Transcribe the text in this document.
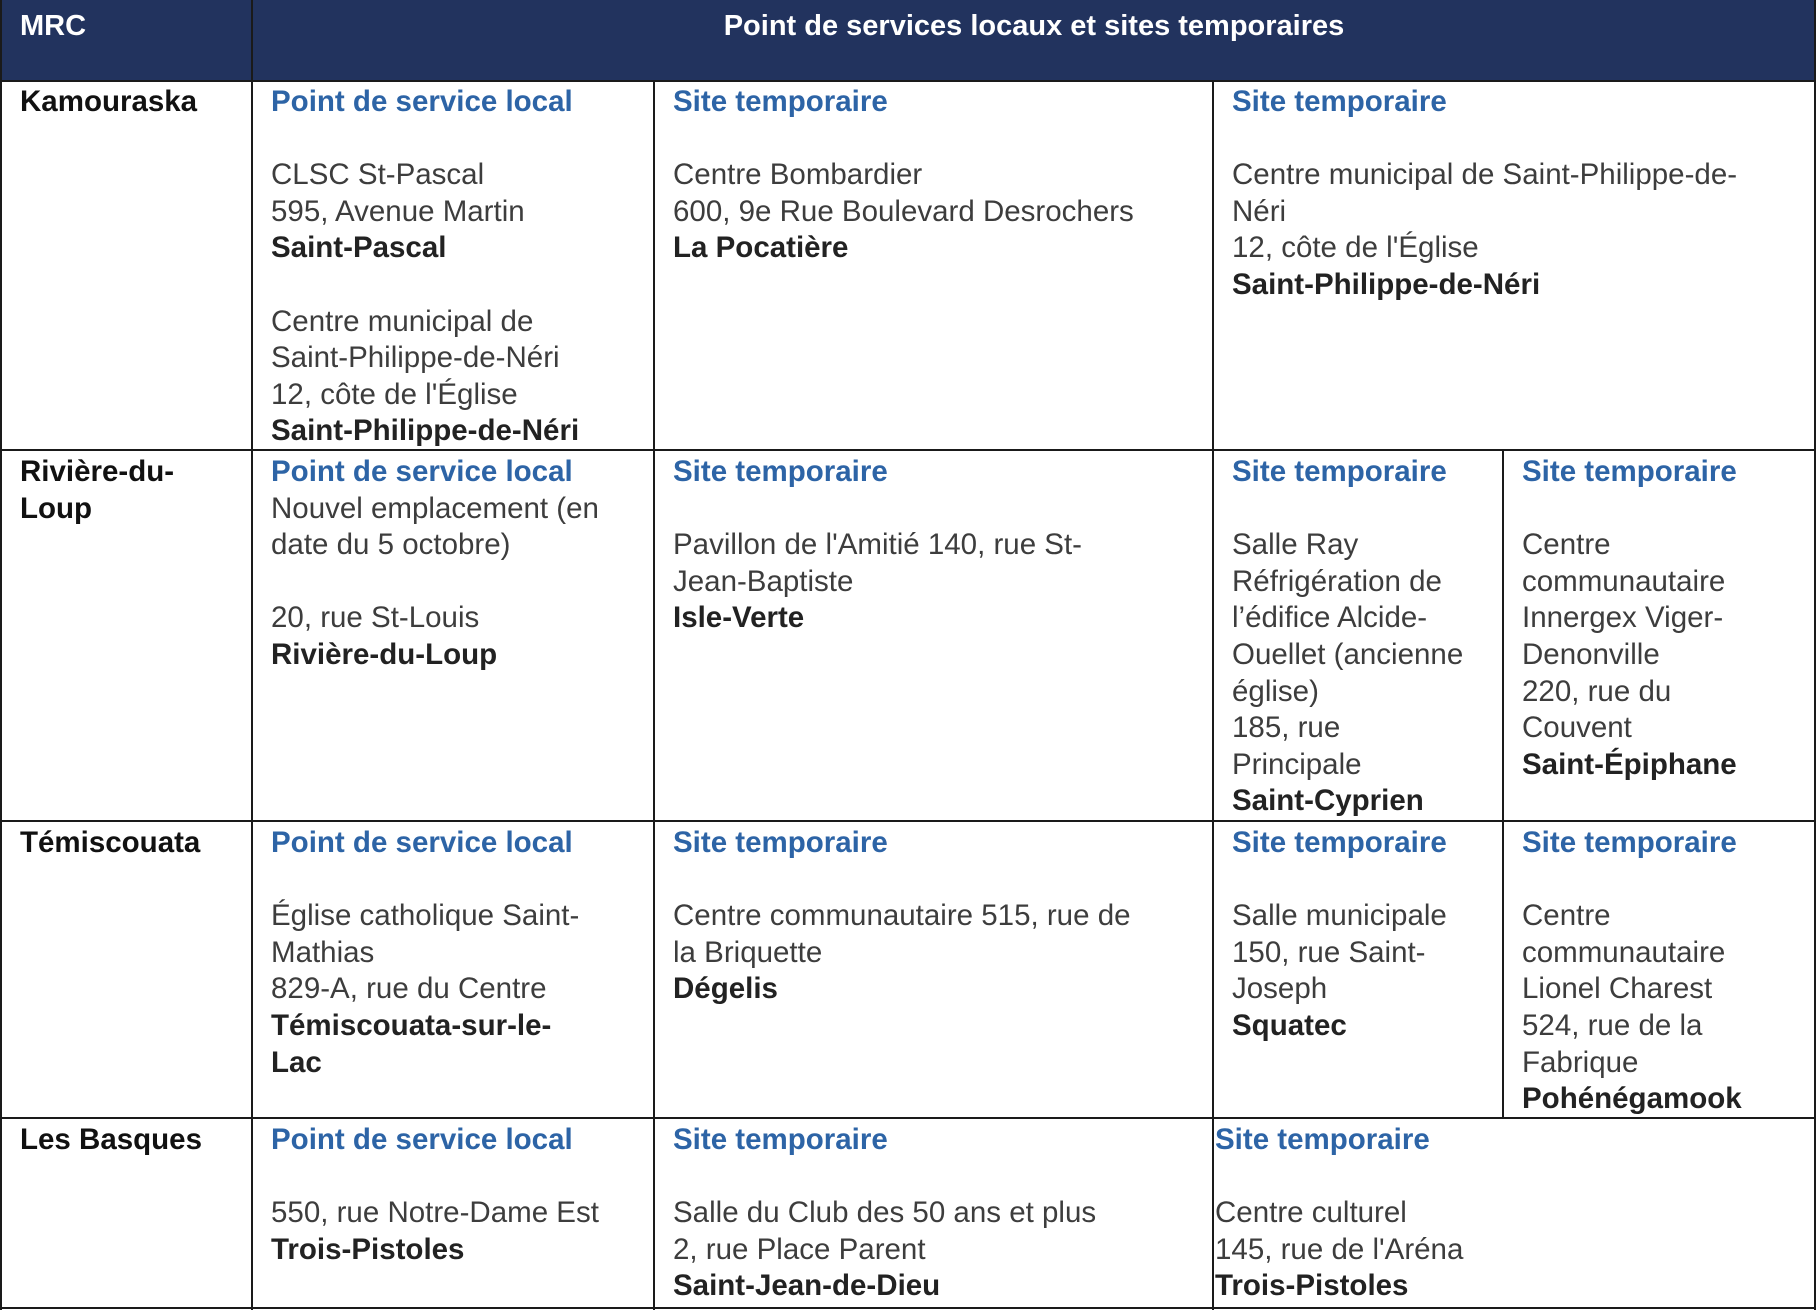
MRC	Point de services locaux et sites temporaires
Kamouraska
Rivière-du-
Loup
Témiscouata
Les Basques
Point de service local
CLSC St-Pascal
595, Avenue Martin
Saint-Pascal
Centre municipal de
Saint-Philippe-de-Néri
12, côte de l'Église
Saint-Philippe-de-Néri
Site temporaire
Centre Bombardier
600, 9e Rue Boulevard Desrochers
La Pocatière
Site temporaire
Centre municipal de Saint-Philippe-de-
Néri
12, côte de l'Église
Saint-Philippe-de-Néri
Point de service local
Nouvel emplacement (en
date du 5 octobre)
20, rue St-Louis
Rivière-du-Loup
Site temporaire
Pavillon de l'Amitié 140, rue St-
Jean-Baptiste
Isle-Verte
Site temporaire
Salle Ray
Réfrigération de
l’édifice Alcide-
Ouellet (ancienne
église)
185, rue
Principale
Saint-Cyprien
Site temporaire
Centre
communautaire
Innergex Viger-
Denonville
220, rue du
Couvent
Saint-Épiphane
Point de service local
Église catholique Saint-
Mathias
829-A, rue du Centre
Témiscouata-sur-le-
Lac
Site temporaire
Centre communautaire 515, rue de
la Briquette
Dégelis
Site temporaire
Salle municipale
150, rue Saint-
Joseph
Squatec
Site temporaire
Centre
communautaire
Lionel Charest
524, rue de la
Fabrique
Pohénégamook
Point de service local
550, rue Notre-Dame Est
Trois-Pistoles
Site temporaire
Salle du Club des 50 ans et plus
2, rue Place Parent
Saint-Jean-de-Dieu
Site temporaire
Centre culturel
145, rue de l'Aréna
Trois-Pistoles
